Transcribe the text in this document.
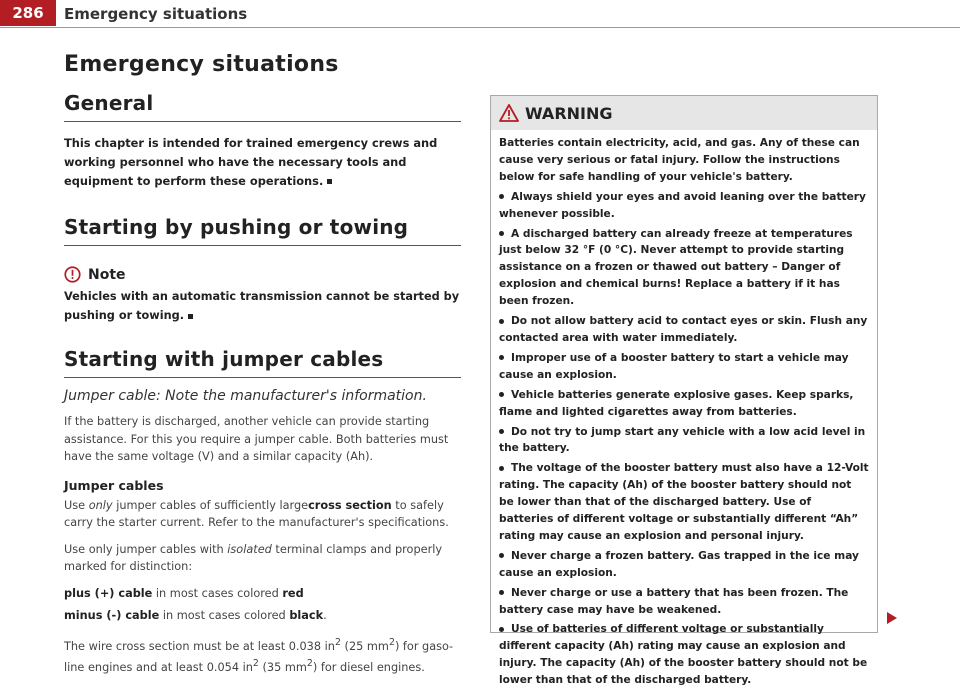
286	Emergency situations
Emergency situations
General
This chapter is intended for trained emergency crews and working personnel who have the necessary tools and equipment to perform these operations.
Starting by pushing or towing
Note
Vehicles with an automatic transmission cannot be started by pushing or towing.
Starting with jumper cables
Jumper cable: Note the manufacturer's information.
If the battery is discharged, another vehicle can provide starting assistance. For this you require a jumper cable. Both batteries must have the same voltage (V) and a similar capacity (Ah).
Jumper cables
Use only jumper cables of sufficiently largecross section to safely carry the starter current. Refer to the manufacturer's specifications.
Use only jumper cables with isolated terminal clamps and properly marked for distinction:
plus (+) cable in most cases colored red
minus (-) cable in most cases colored black.
The wire cross section must be at least 0.038 $in^2$ (25 $mm^2$) for gasoline engines and at least 0.054 $in^2$ (35 $mm^2$) for diesel engines.
WARNING
Batteries contain electricity, acid, and gas. Any of these can cause very serious or fatal injury. Follow the instructions below for safe handling of your vehicle's battery.
Always shield your eyes and avoid leaning over the battery whenever possible.
A discharged battery can already freeze at temperatures just below 32 °F (0 °C). Never attempt to provide starting assistance on a frozen or thawed out battery – Danger of explosion and chemical burns! Replace a battery if it has been frozen.
Do not allow battery acid to contact eyes or skin. Flush any contacted area with water immediately.
Improper use of a booster battery to start a vehicle may cause an explosion.
Vehicle batteries generate explosive gases. Keep sparks, flame and lighted cigarettes away from batteries.
Do not try to jump start any vehicle with a low acid level in the battery.
The voltage of the booster battery must also have a 12-Volt rating. The capacity (Ah) of the booster battery should not be lower than that of the discharged battery. Use of batteries of different voltage or substantially different “Ah” rating may cause an explosion and personal injury.
Never charge a frozen battery. Gas trapped in the ice may cause an explosion.
Never charge or use a battery that has been frozen. The battery case may have be weakened.
Use of batteries of different voltage or substantially different capacity (Ah) rating may cause an explosion and injury. The capacity (Ah) of the booster battery should not be lower than that of the discharged battery.
